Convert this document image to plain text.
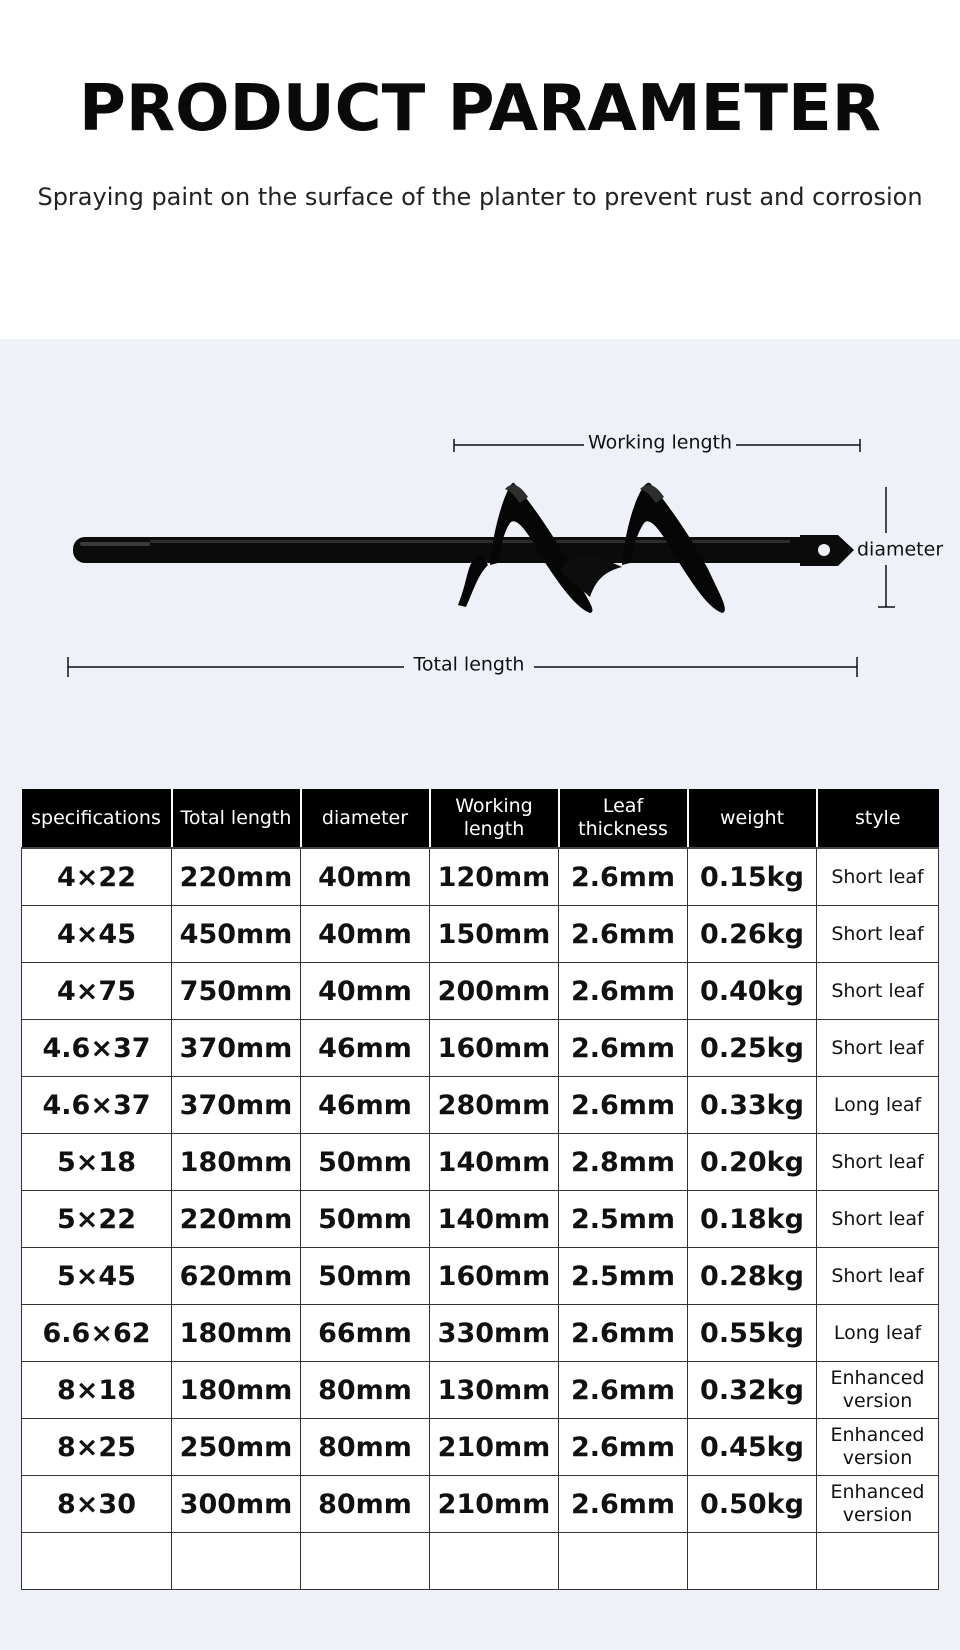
PRODUCT PARAMETER
Spraying paint on the surface of the planter to prevent rust and corrosion
Working length
diameter
Total length
specifications	Total length	diameter	Working length	Leaf thickness	weight	style
4×22	220mm	40mm	120mm	2.6mm	0.15kg	Short leaf
4×45	450mm	40mm	150mm	2.6mm	0.26kg	Short leaf
4×75	750mm	40mm	200mm	2.6mm	0.40kg	Short leaf
4.6×37	370mm	46mm	160mm	2.6mm	0.25kg	Short leaf
4.6×37	370mm	46mm	280mm	2.6mm	0.33kg	Long leaf
5×18	180mm	50mm	140mm	2.8mm	0.20kg	Short leaf
5×22	220mm	50mm	140mm	2.5mm	0.18kg	Short leaf
5×45	620mm	50mm	160mm	2.5mm	0.28kg	Short leaf
6.6×62	180mm	66mm	330mm	2.6mm	0.55kg	Long leaf
8×18	180mm	80mm	130mm	2.6mm	0.32kg	Enhanced version
8×25	250mm	80mm	210mm	2.6mm	0.45kg	Enhanced version
8×30	300mm	80mm	210mm	2.6mm	0.50kg	Enhanced version
